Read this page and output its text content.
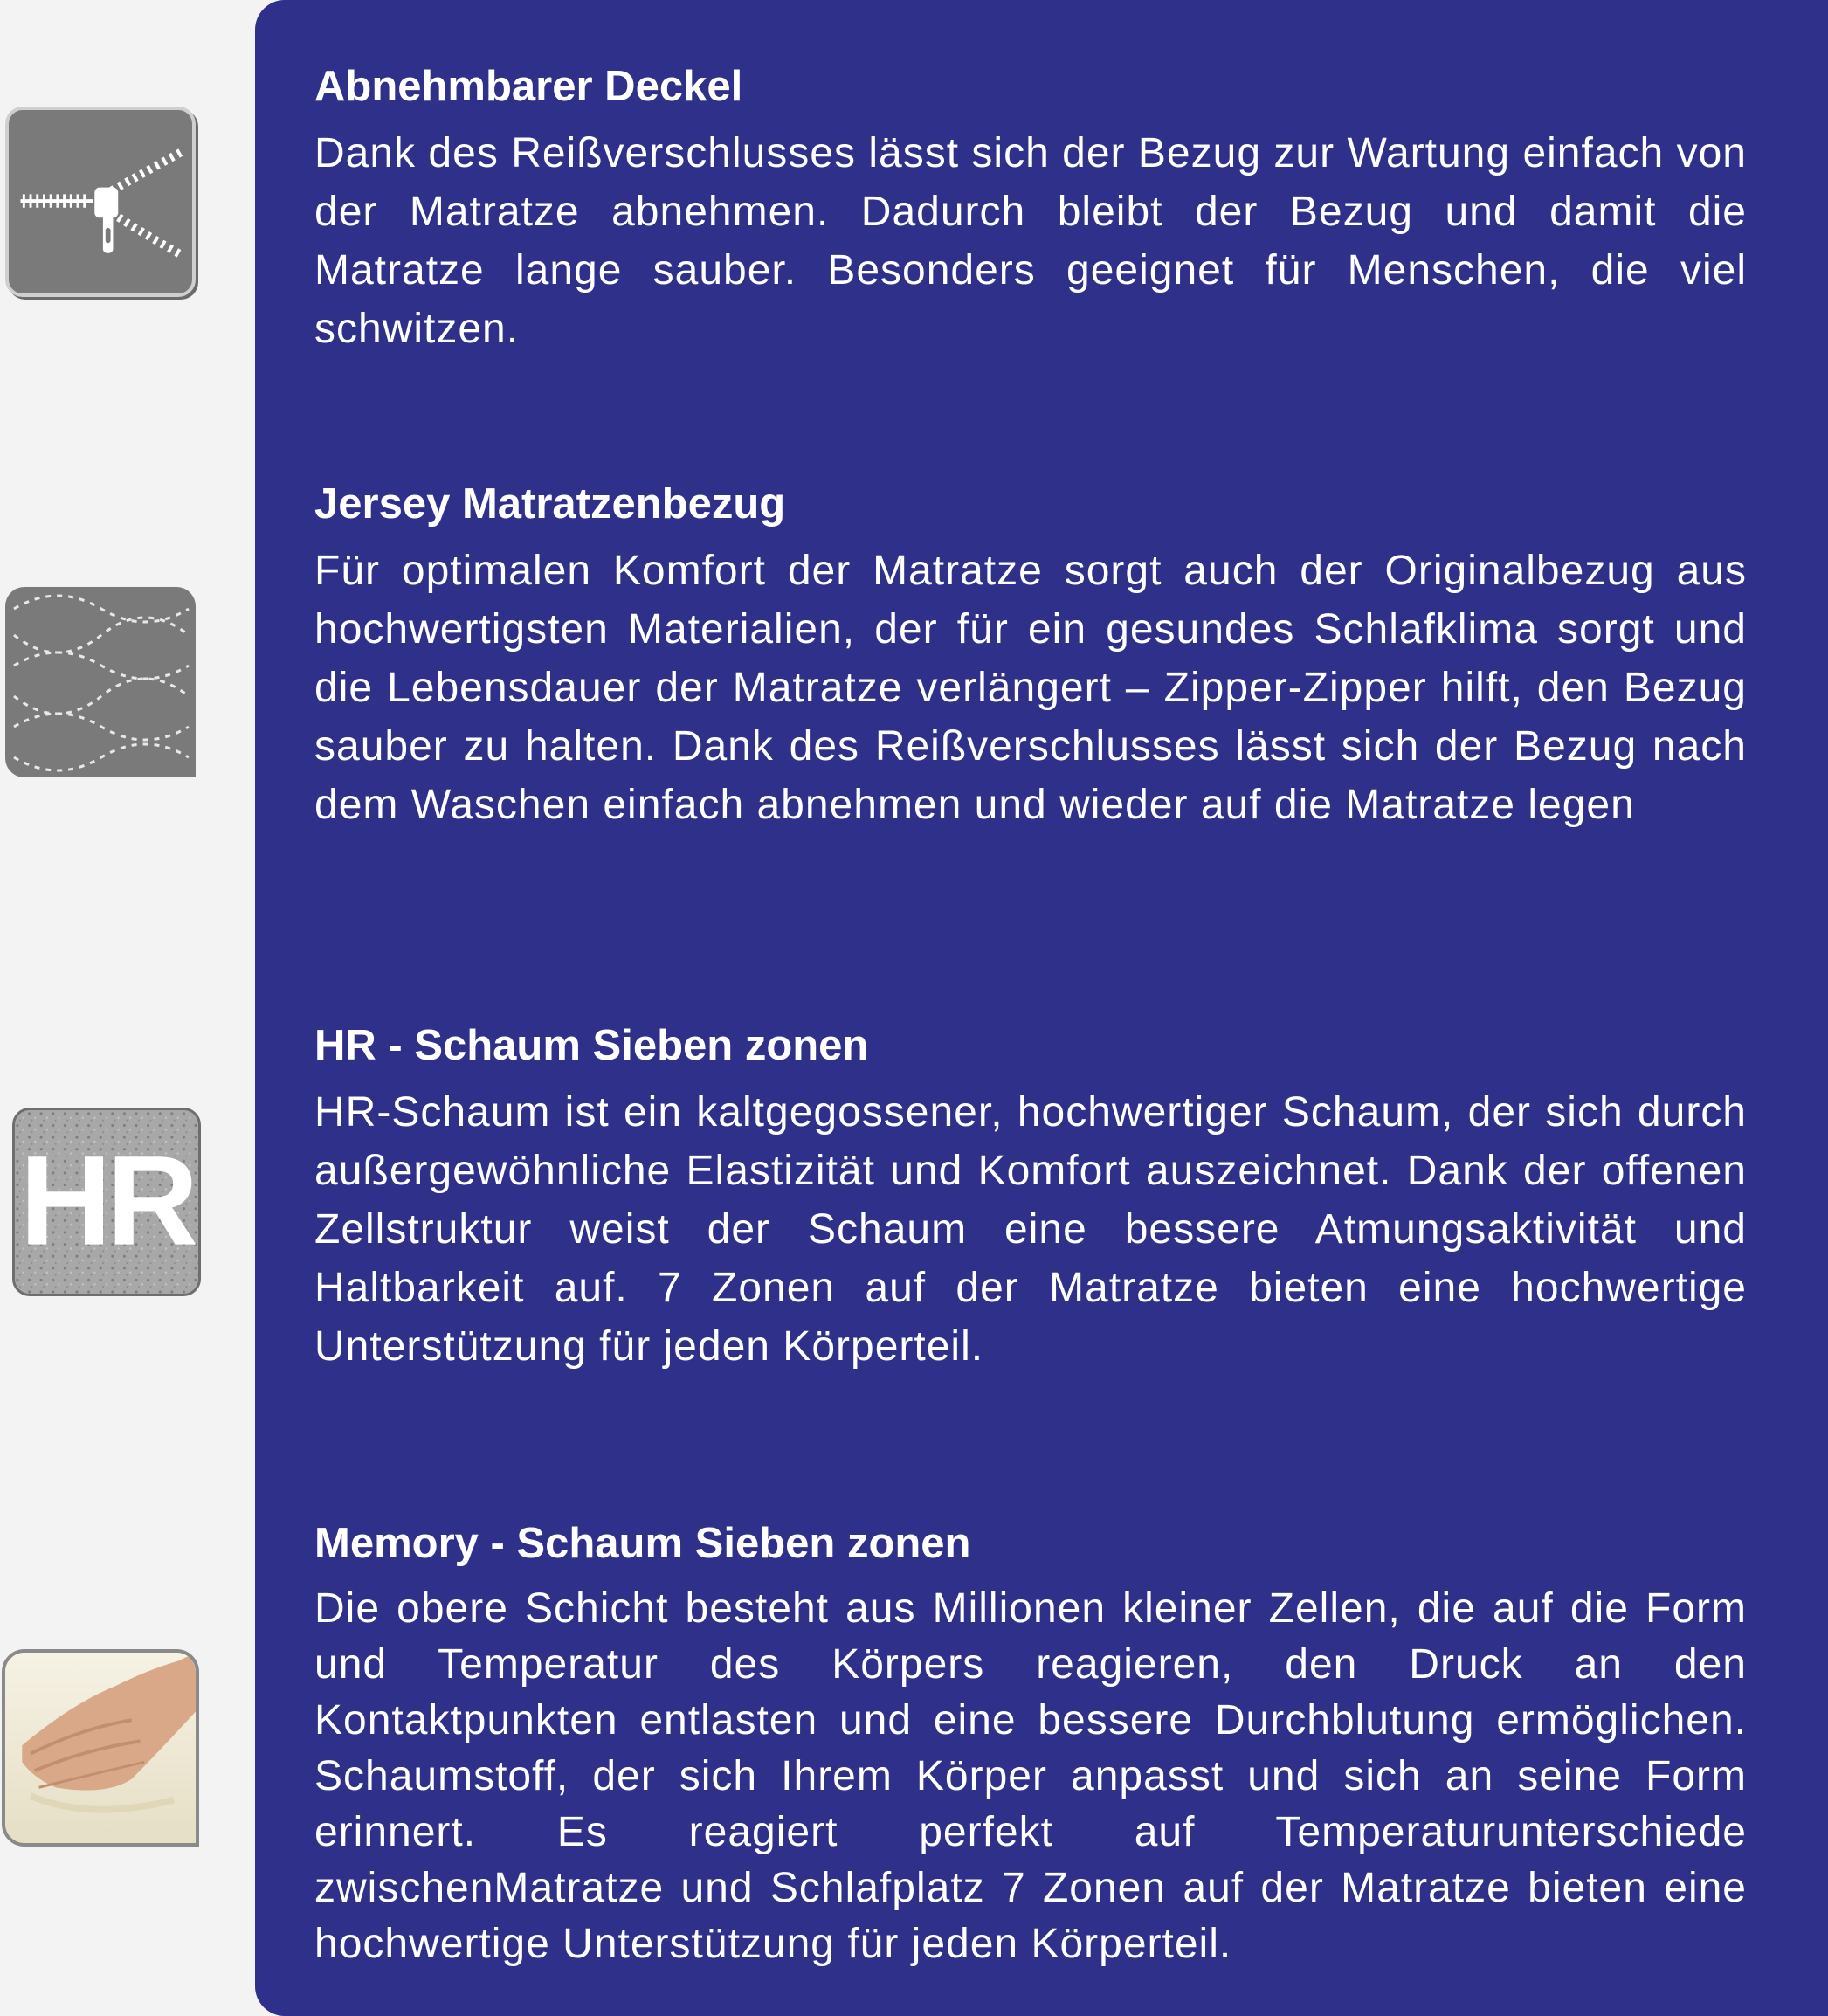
HR
Abnehmbarer Deckel

Dank des Reißverschlusses lässt sich der Bezug zur Wartung einfach von der Matratze abnehmen. Dadurch bleibt der Bezug und damit die Matratze lange sauber. Besonders geeignet für Menschen, die viel schwitzen.

Jersey Matratzenbezug

Für optimalen Komfort der Matratze sorgt auch der Originalbezug aus hochwertigsten Materialien, der für ein gesundes Schlafklima sorgt und die Lebensdauer der Matratze verlängert – Zipper-Zipper hilft, den Bezug sauber zu halten. Dank des Reißverschlusses lässt sich der Bezug nach dem Waschen einfach abnehmen und wieder auf die Matratze legen

HR - Schaum Sieben zonen

HR-Schaum ist ein kaltgegossener, hochwertiger Schaum, der sich durch außergewöhnliche Elastizität und Komfort auszeichnet. Dank der offenen Zellstruktur weist der Schaum eine bessere Atmungsaktivität und Haltbarkeit auf. 7 Zonen auf der Matratze bieten eine hochwertige Unterstützung für jeden Körperteil.

Memory - Schaum Sieben zonen

Die obere Schicht besteht aus Millionen kleiner Zellen, die auf die Form und Temperatur des Körpers reagieren, den Druck an den Kontaktpunkten entlasten und eine bessere Durchblutung ermöglichen. Schaumstoff, der sich Ihrem Körper anpasst und sich an seine Form erinnert. Es reagiert perfekt auf Temperaturunterschiede zwischenMatratze und Schlafplatz 7 Zonen auf der Matratze bieten eine hochwertige Unterstützung für jeden Körperteil.
